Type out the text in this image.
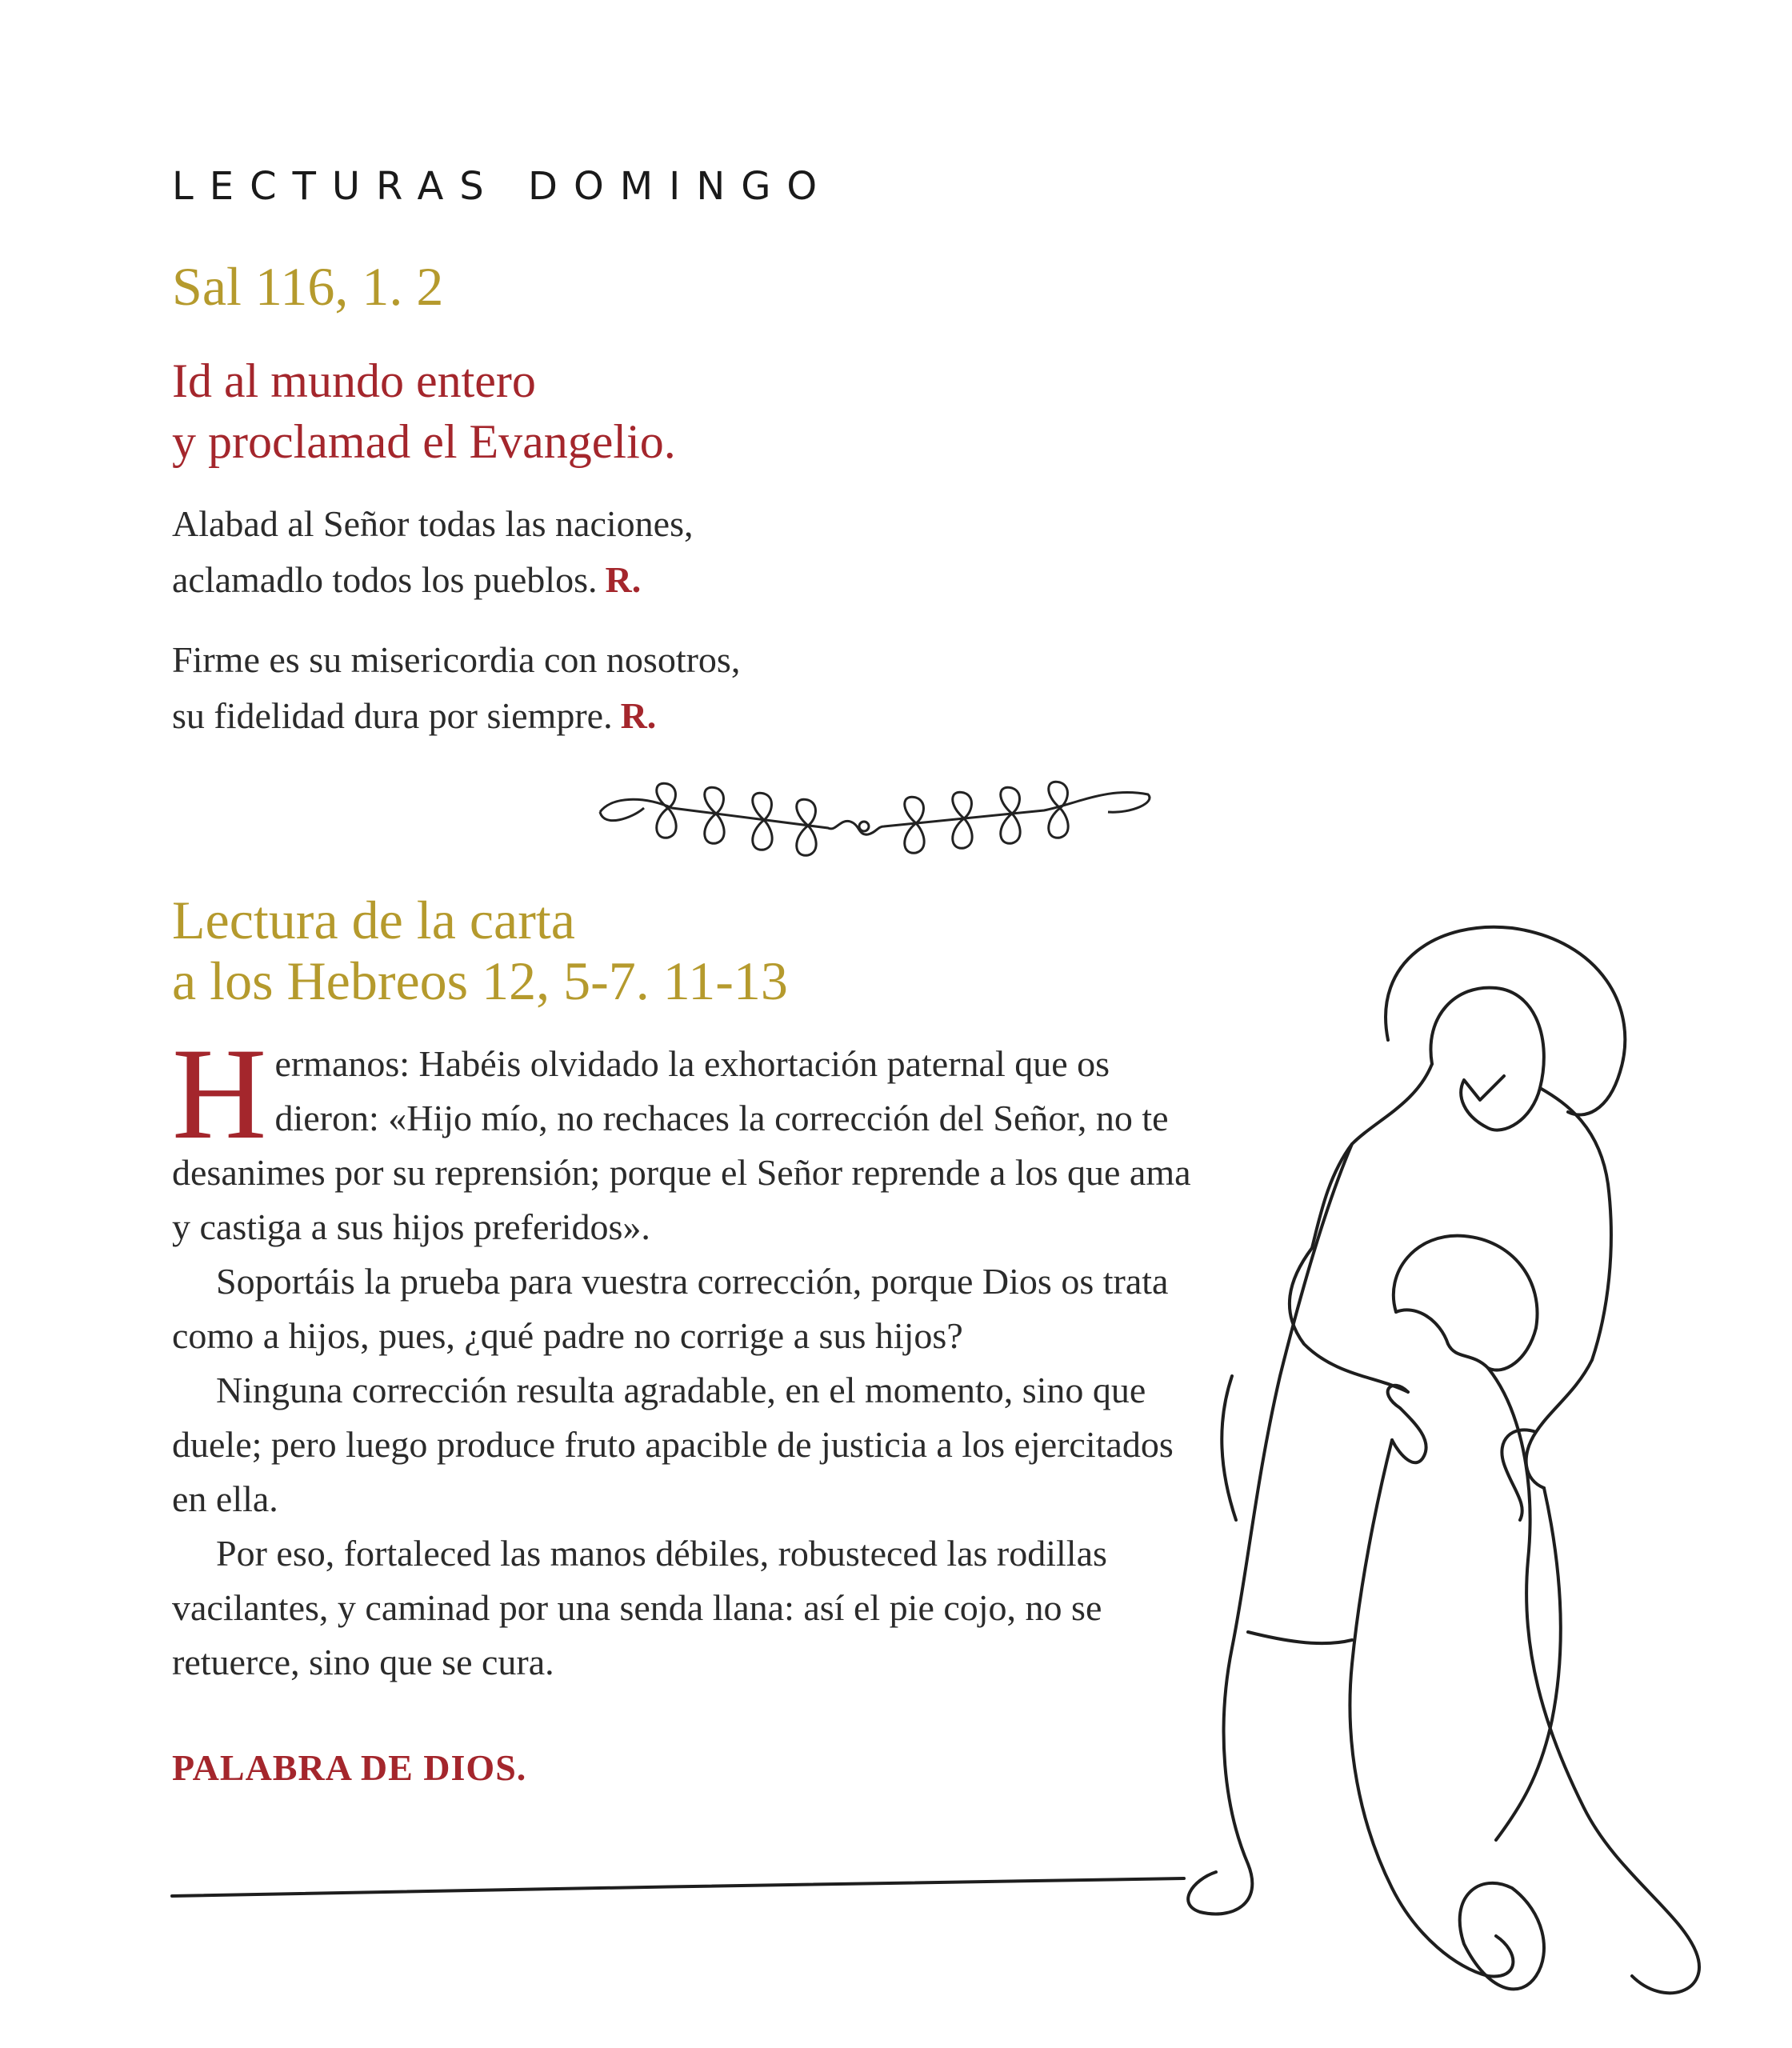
LECTURAS DOMINGO
Sal 116, 1. 2
Id al mundo entero
y proclamad el Evangelio.
Alabad al Señor todas las naciones,
aclamadlo todos los pueblos. R.
Firme es su misericordia con nosotros,
su fidelidad dura por siempre. R.
Lectura de la carta
a los Hebreos 12, 5-7. 11-13

Hermanos: Habéis olvidado la exhortación paternal que os dieron: «Hijo mío, no rechaces la corrección del Señor, no te desanimes por su reprensión; porque el Señor reprende a los que ama y castiga a sus hijos preferidos».

Soportáis la prueba para vuestra corrección, porque Dios os trata como a hijos, pues, ¿qué padre no corrige a sus hijos?

Ninguna corrección resulta agradable, en el momento, sino que duele; pero luego produce fruto apacible de justicia a los ejercitados en ella.

Por eso, fortaleced las manos débiles, robusteced las rodillas vacilantes, y caminad por una senda llana: así el pie cojo, no se retuerce, sino que se cura.

PALABRA DE DIOS.
